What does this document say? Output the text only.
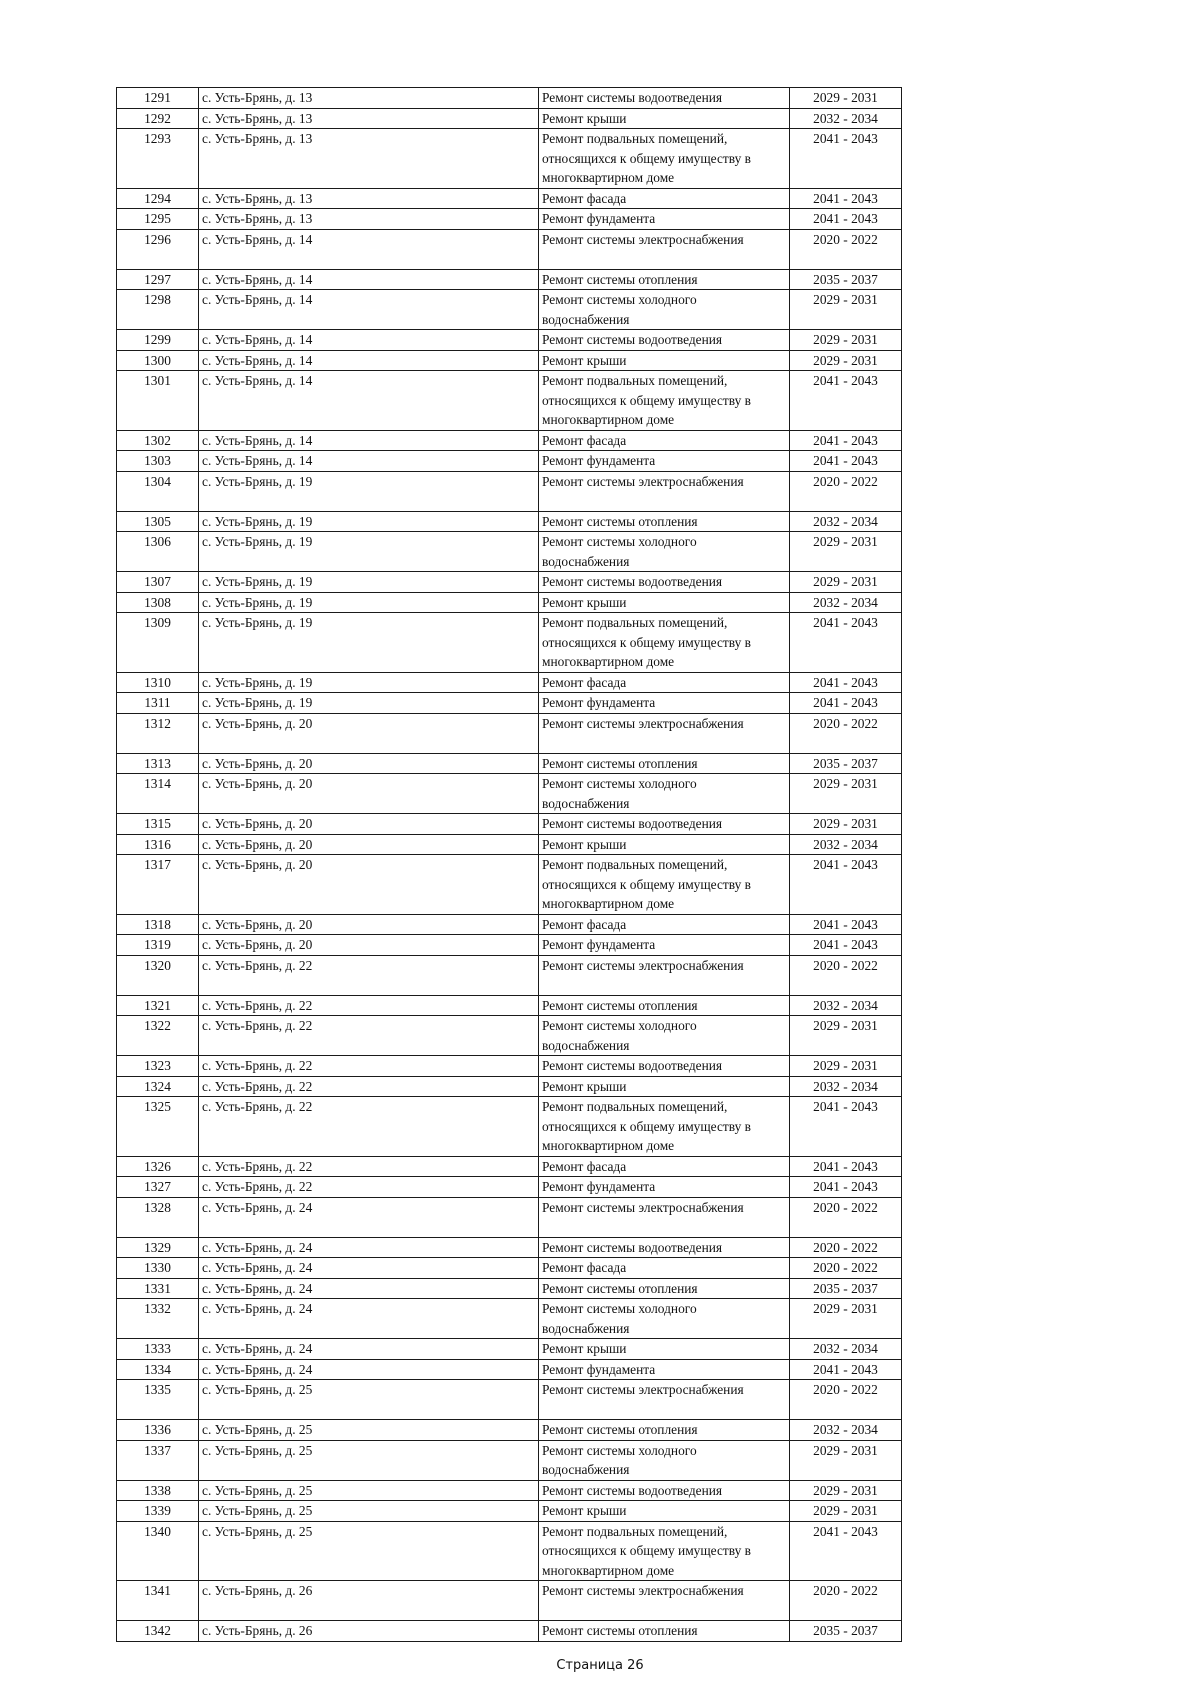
1291	с. Усть-Брянь, д. 13	Ремонт системы водоотведения	2029 - 2031
1292	с. Усть-Брянь, д. 13	Ремонт крыши	2032 - 2034
1293	с. Усть-Брянь, д. 13	Ремонт подвальных помещений,
относящихся к общему имуществу в
многоквартирном доме	2041 - 2043
1294	с. Усть-Брянь, д. 13	Ремонт фасада	2041 - 2043
1295	с. Усть-Брянь, д. 13	Ремонт фундамента	2041 - 2043
1296	с. Усть-Брянь, д. 14	Ремонт системы электроснабжения	2020 - 2022
1297	с. Усть-Брянь, д. 14	Ремонт системы отопления	2035 - 2037
1298	с. Усть-Брянь, д. 14	Ремонт системы холодного
водоснабжения	2029 - 2031
1299	с. Усть-Брянь, д. 14	Ремонт системы водоотведения	2029 - 2031
1300	с. Усть-Брянь, д. 14	Ремонт крыши	2029 - 2031
1301	с. Усть-Брянь, д. 14	Ремонт подвальных помещений,
относящихся к общему имуществу в
многоквартирном доме	2041 - 2043
1302	с. Усть-Брянь, д. 14	Ремонт фасада	2041 - 2043
1303	с. Усть-Брянь, д. 14	Ремонт фундамента	2041 - 2043
1304	с. Усть-Брянь, д. 19	Ремонт системы электроснабжения	2020 - 2022
1305	с. Усть-Брянь, д. 19	Ремонт системы отопления	2032 - 2034
1306	с. Усть-Брянь, д. 19	Ремонт системы холодного
водоснабжения	2029 - 2031
1307	с. Усть-Брянь, д. 19	Ремонт системы водоотведения	2029 - 2031
1308	с. Усть-Брянь, д. 19	Ремонт крыши	2032 - 2034
1309	с. Усть-Брянь, д. 19	Ремонт подвальных помещений,
относящихся к общему имуществу в
многоквартирном доме	2041 - 2043
1310	с. Усть-Брянь, д. 19	Ремонт фасада	2041 - 2043
1311	с. Усть-Брянь, д. 19	Ремонт фундамента	2041 - 2043
1312	с. Усть-Брянь, д. 20	Ремонт системы электроснабжения	2020 - 2022
1313	с. Усть-Брянь, д. 20	Ремонт системы отопления	2035 - 2037
1314	с. Усть-Брянь, д. 20	Ремонт системы холодного
водоснабжения	2029 - 2031
1315	с. Усть-Брянь, д. 20	Ремонт системы водоотведения	2029 - 2031
1316	с. Усть-Брянь, д. 20	Ремонт крыши	2032 - 2034
1317	с. Усть-Брянь, д. 20	Ремонт подвальных помещений,
относящихся к общему имуществу в
многоквартирном доме	2041 - 2043
1318	с. Усть-Брянь, д. 20	Ремонт фасада	2041 - 2043
1319	с. Усть-Брянь, д. 20	Ремонт фундамента	2041 - 2043
1320	с. Усть-Брянь, д. 22	Ремонт системы электроснабжения	2020 - 2022
1321	с. Усть-Брянь, д. 22	Ремонт системы отопления	2032 - 2034
1322	с. Усть-Брянь, д. 22	Ремонт системы холодного
водоснабжения	2029 - 2031
1323	с. Усть-Брянь, д. 22	Ремонт системы водоотведения	2029 - 2031
1324	с. Усть-Брянь, д. 22	Ремонт крыши	2032 - 2034
1325	с. Усть-Брянь, д. 22	Ремонт подвальных помещений,
относящихся к общему имуществу в
многоквартирном доме	2041 - 2043
1326	с. Усть-Брянь, д. 22	Ремонт фасада	2041 - 2043
1327	с. Усть-Брянь, д. 22	Ремонт фундамента	2041 - 2043
1328	с. Усть-Брянь, д. 24	Ремонт системы электроснабжения	2020 - 2022
1329	с. Усть-Брянь, д. 24	Ремонт системы водоотведения	2020 - 2022
1330	с. Усть-Брянь, д. 24	Ремонт фасада	2020 - 2022
1331	с. Усть-Брянь, д. 24	Ремонт системы отопления	2035 - 2037
1332	с. Усть-Брянь, д. 24	Ремонт системы холодного
водоснабжения	2029 - 2031
1333	с. Усть-Брянь, д. 24	Ремонт крыши	2032 - 2034
1334	с. Усть-Брянь, д. 24	Ремонт фундамента	2041 - 2043
1335	с. Усть-Брянь, д. 25	Ремонт системы электроснабжения	2020 - 2022
1336	с. Усть-Брянь, д. 25	Ремонт системы отопления	2032 - 2034
1337	с. Усть-Брянь, д. 25	Ремонт системы холодного
водоснабжения	2029 - 2031
1338	с. Усть-Брянь, д. 25	Ремонт системы водоотведения	2029 - 2031
1339	с. Усть-Брянь, д. 25	Ремонт крыши	2029 - 2031
1340	с. Усть-Брянь, д. 25	Ремонт подвальных помещений,
относящихся к общему имуществу в
многоквартирном доме	2041 - 2043
1341	с. Усть-Брянь, д. 26	Ремонт системы электроснабжения	2020 - 2022
1342	с. Усть-Брянь, д. 26	Ремонт системы отопления	2035 - 2037
Страница 26
